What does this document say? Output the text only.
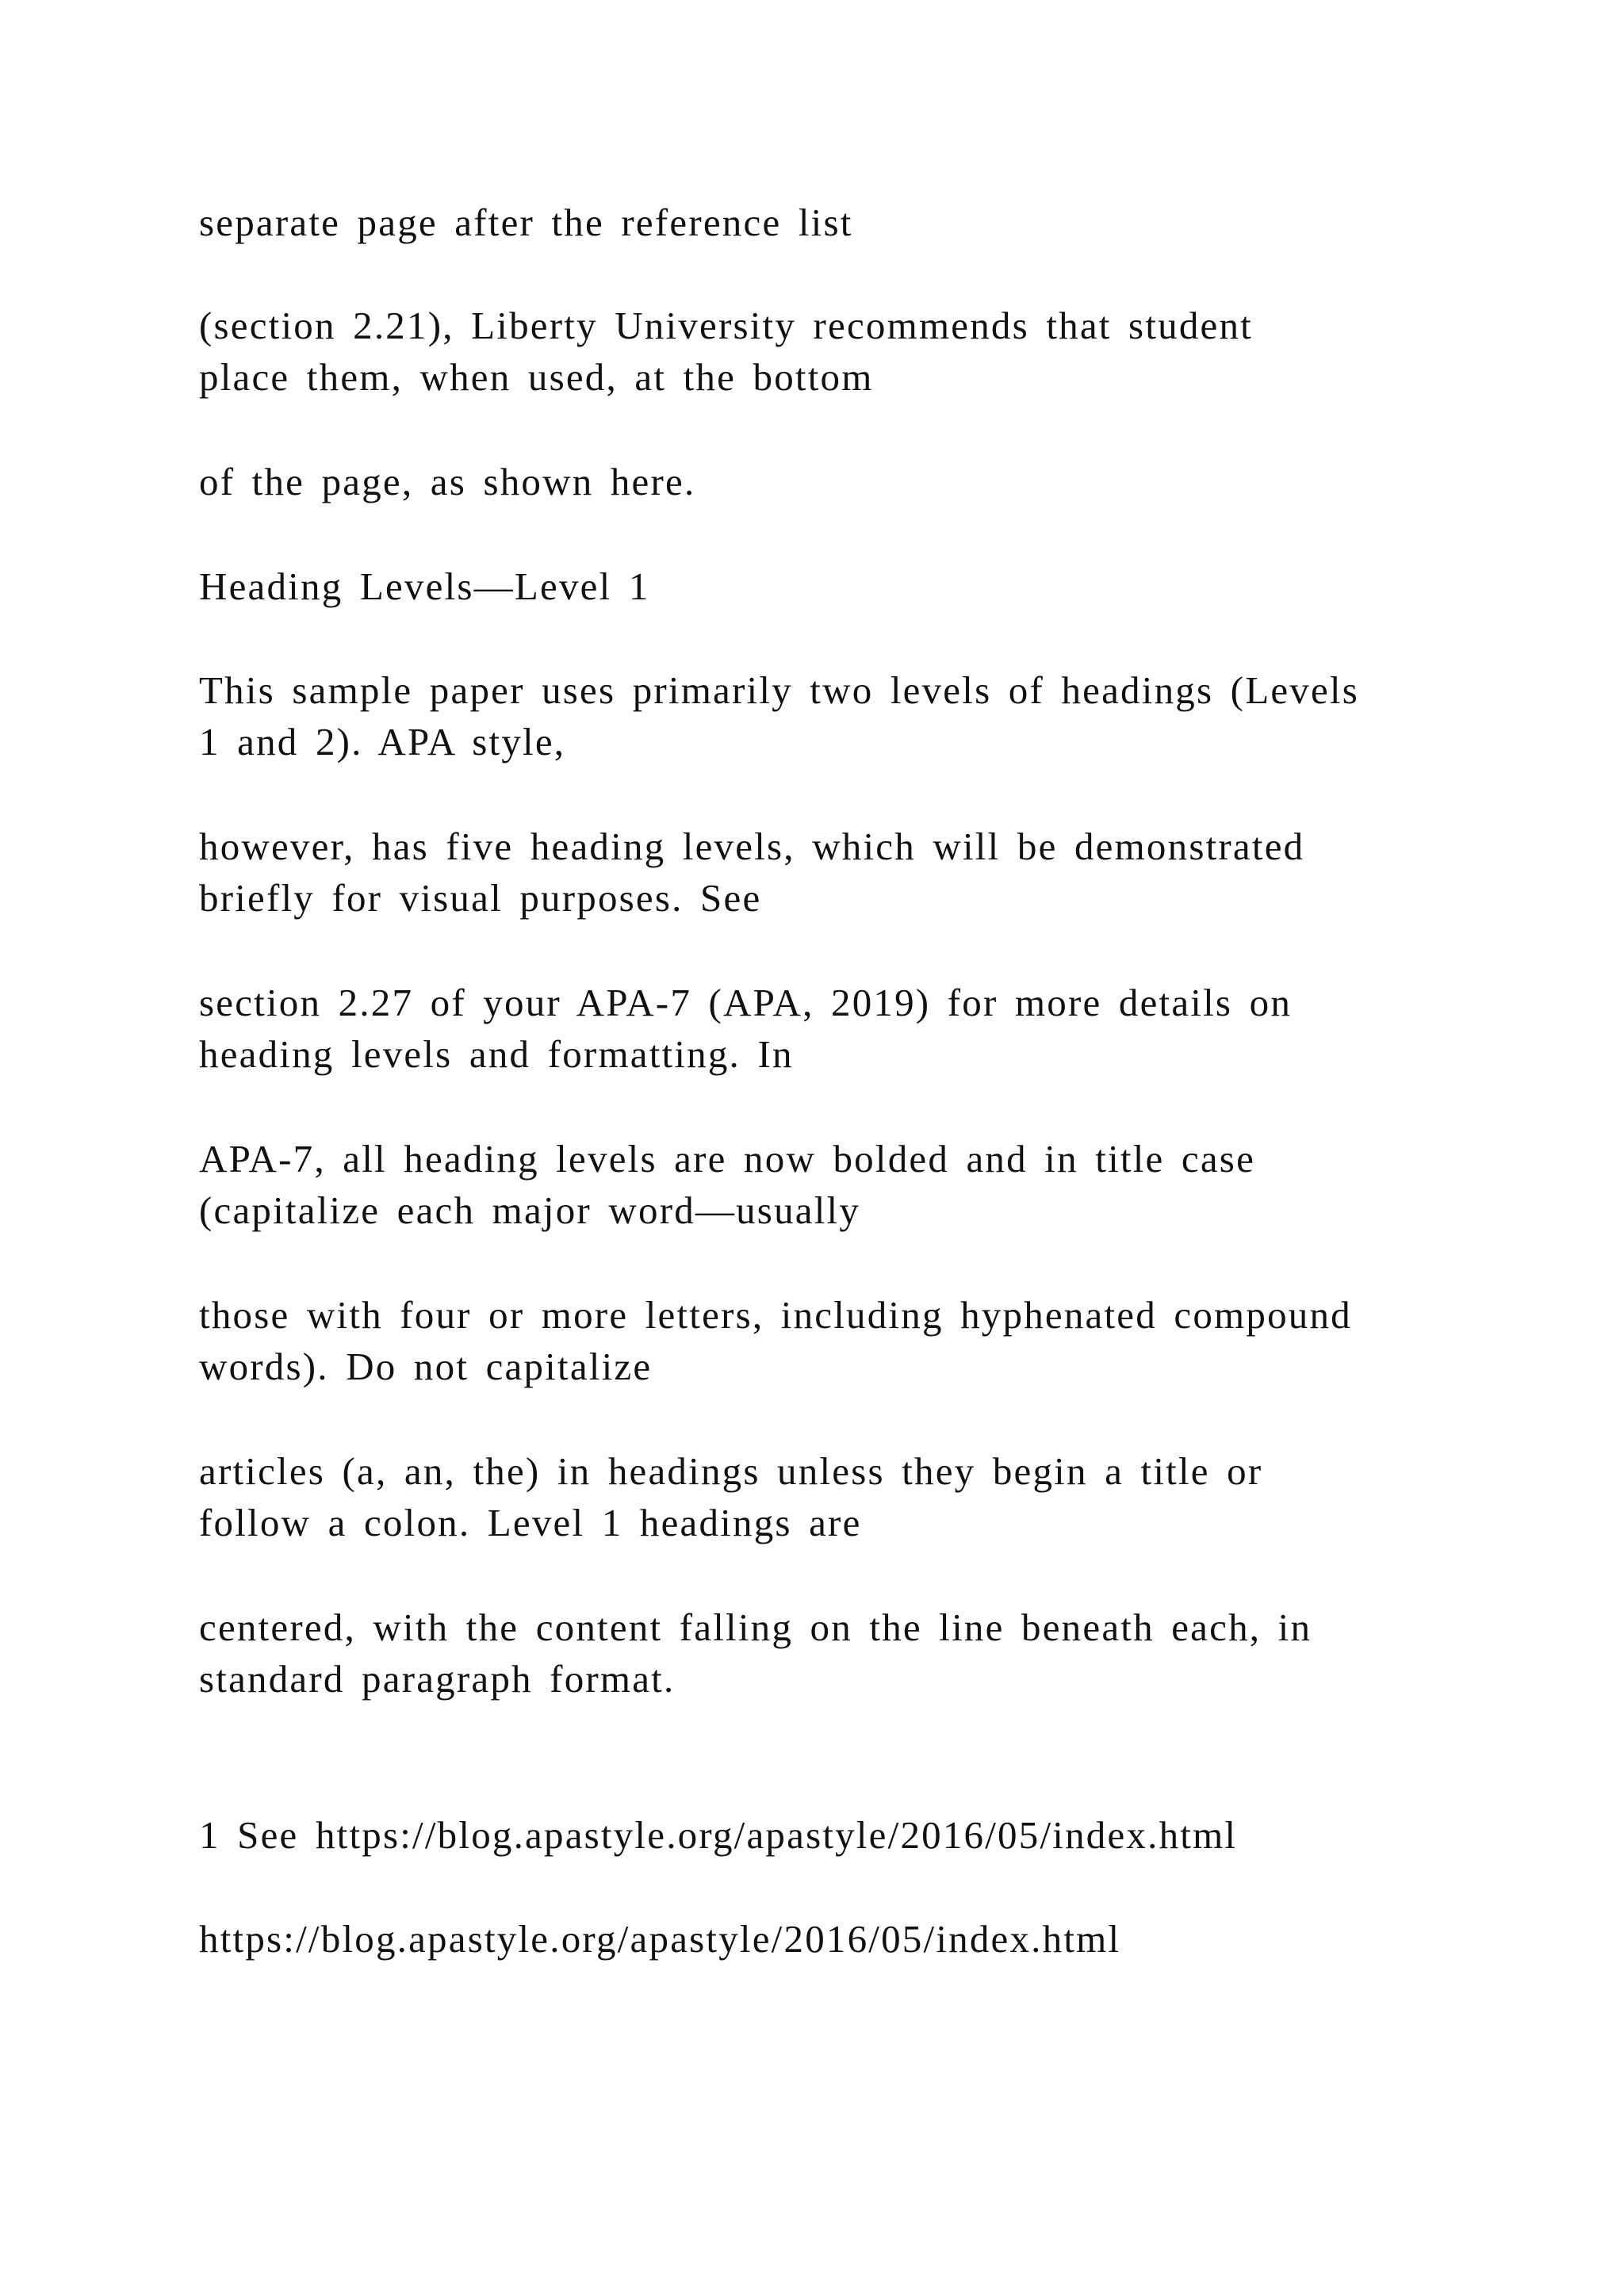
separate page after the reference list

(section 2.21), Liberty University recommends that student
place them, when used, at the bottom

of the page, as shown here.

Heading Levels—Level 1

This sample paper uses primarily two levels of headings (Levels
1 and 2). APA style,

however, has five heading levels, which will be demonstrated
briefly for visual purposes. See

section 2.27 of your APA-7 (APA, 2019) for more details on
heading levels and formatting. In

APA-7, all heading levels are now bolded and in title case
(capitalize each major word—usually

those with four or more letters, including hyphenated compound
words). Do not capitalize

articles (a, an, the) in headings unless they begin a title or
follow a colon. Level 1 headings are

centered, with the content falling on the line beneath each, in
standard paragraph format.

1 See https://blog.apastyle.org/apastyle/2016/05/index.html

https://blog.apastyle.org/apastyle/2016/05/index.html
